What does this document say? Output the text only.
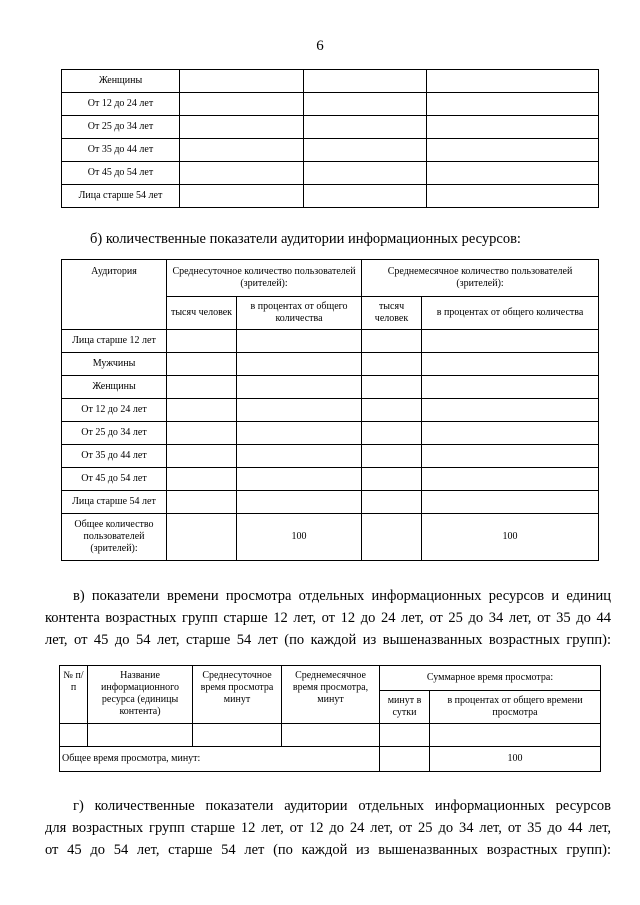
6
Женщины			
От 12 до 24 лет			
От 25 до 34 лет			
От 35 до 44 лет			
От 45 до 54 лет			
Лица старше 54 лет			
б) количественные показатели аудитории информационных ресурсов:
Аудитория	Среднесуточное количество пользователей (зрителей):		Среднемесячное количество пользователей (зрителей):	
	тысяч человек	в процентах от общего количества	тысяч человек	в процентах от общего количества
Лица старше 12 лет				
Мужчины				
Женщины				
От 12 до 24 лет				
От 25 до 34 лет				
От 35 до 44 лет				
От 45 до 54 лет				
Лица старше 54 лет				
Общее количество пользователей (зрителей):		100		100
в) показатели времени просмотра отдельных информационных ресурсов и единиц
контента возрастных групп старше 12 лет, от 12 до 24 лет, от 25 до 34 лет, от 35 до 44
лет, от 45 до 54 лет, старше 54 лет (по каждой из вышеназванных возрастных групп):
№ п/п	Название информационного ресурса (единицы контента)	Среднесуточное время просмотра минут	Среднемесячное время просмотра, минут	Суммарное время просмотра:	
				минут в сутки	в процентах от общего времени просмотра

Общее время просмотра, минут:					100
г) количественные показатели аудитории отдельных информационных ресурсов
для возрастных групп старше 12 лет, от 12 до 24 лет, от 25 до 34 лет, от 35 до 44 лет,
от 45 до 54 лет, старше 54 лет (по каждой из вышеназванных возрастных групп):
